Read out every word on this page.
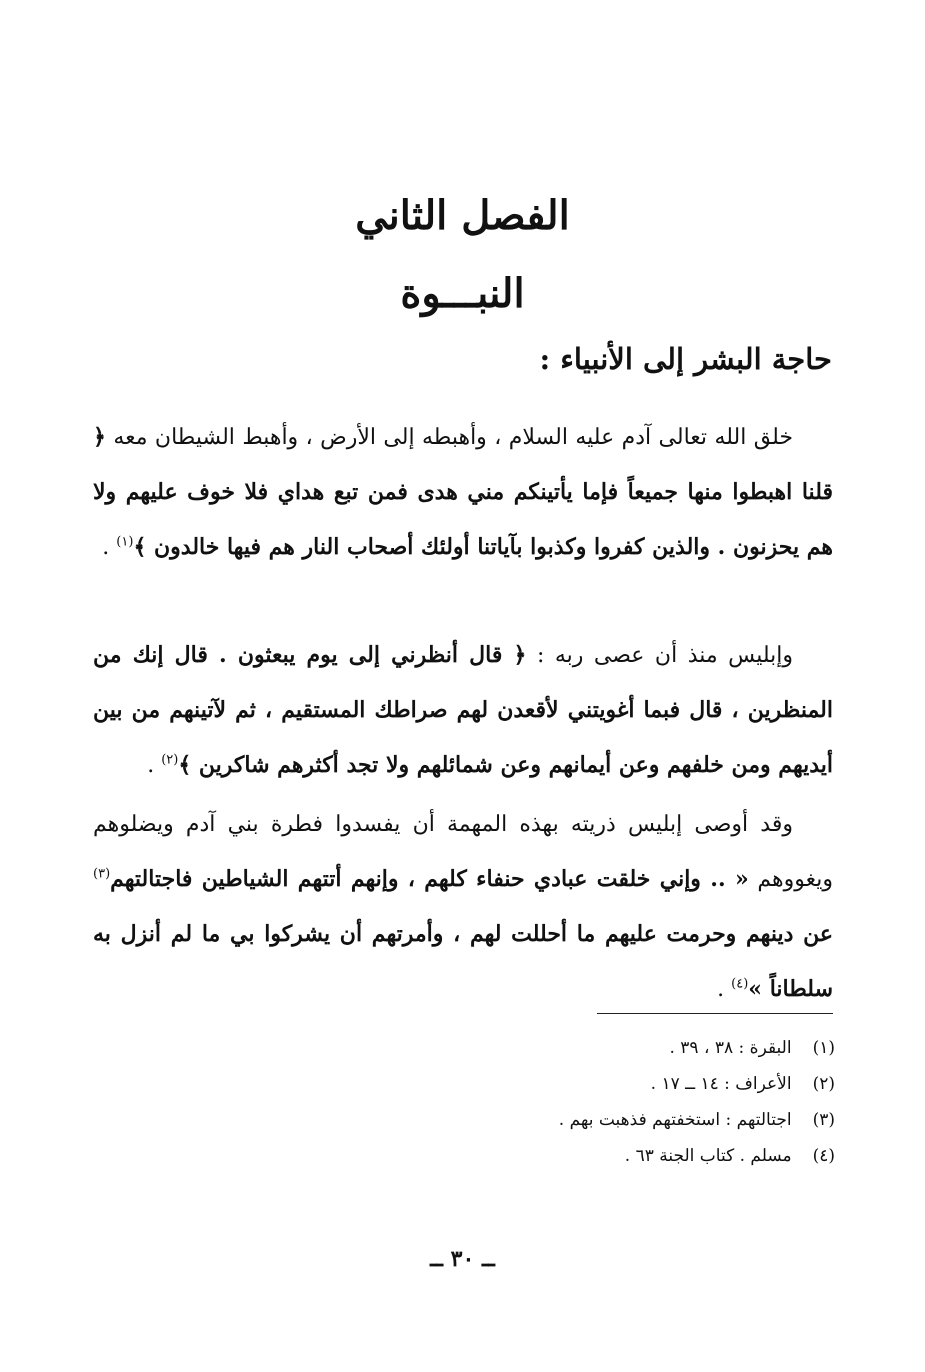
الفصل الثاني
النبـــوة
حاجة البشر إلى الأنبياء :
خلق الله تعالى آدم عليه السلام ، وأهبطه إلى الأرض ، وأهبط الشيطان معه ﴿ قلنا اهبطوا منها جميعاً فإما يأتينكم مني هدى فمن تبع هداي فلا خوف عليهم ولا هم يحزنون . والذين كفروا وكذبوا بآياتنا أولئك أصحاب النار هم فيها خالدون ﴾$^{(١)}$ .
وإبليس منذ أن عصى ربه : ﴿ قال أنظرني إلى يوم يبعثون . قال إنك من المنظرين ، قال فبما أغويتني لأقعدن لهم صراطك المستقيم ، ثم لآتينهم من بين أيديهم ومن خلفهم وعن أيمانهم وعن شمائلهم ولا تجد أكثرهم شاكرين ﴾$^{(٢)}$ .
وقد أوصى إبليس ذريته بهذه المهمة أن يفسدوا فطرة بني آدم ويضلوهم ويغووهم « .. وإني خلقت عبادي حنفاء كلهم ، وإنهم أتتهم الشياطين فاجتالتهم$^{(٣)}$ عن دينهم وحرمت عليهم ما أحللت لهم ، وأمرتهم أن يشركوا بي ما لم أنزل به سلطاناً »$^{(٤)}$ .
(١) البقرة : ٣٨ ، ٣٩ .
(٢) الأعراف : ١٤ ــ ١٧ .
(٣) اجتالتهم : استخفتهم فذهبت بهم .
(٤) مسلم . كتاب الجنة ٦٣ .
ــ ٣٠ ــ
